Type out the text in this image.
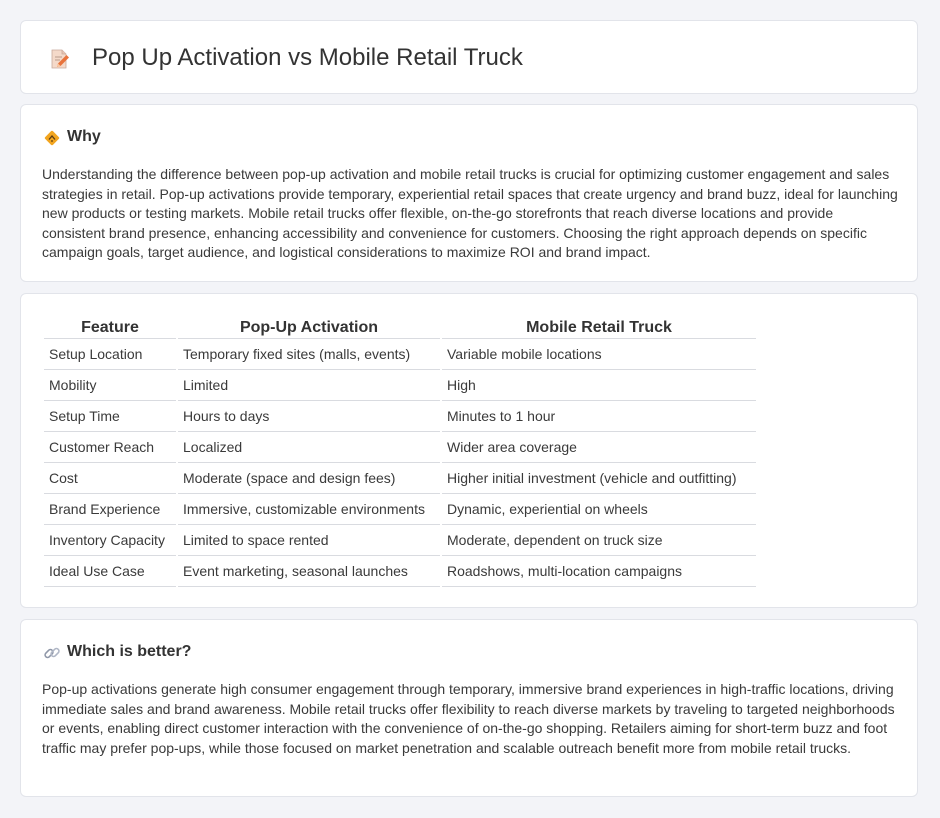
Pop Up Activation vs Mobile Retail Truck
Why

Understanding the difference between pop-up activation and mobile retail trucks is crucial for optimizing customer engagement and sales strategies in retail. Pop-up activations provide temporary, experiential retail spaces that create urgency and brand buzz, ideal for launching new products or testing markets. Mobile retail trucks offer flexible, on-the-go storefronts that reach diverse locations and provide consistent brand presence, enhancing accessibility and convenience for customers. Choosing the right approach depends on specific campaign goals, target audience, and logistical considerations to maximize ROI and brand impact.

Feature	Pop-Up Activation	Mobile Retail Truck
Setup Location	Temporary fixed sites (malls, events)	Variable mobile locations
Mobility	Limited	High
Setup Time	Hours to days	Minutes to 1 hour
Customer Reach	Localized	Wider area coverage
Cost	Moderate (space and design fees)	Higher initial investment (vehicle and outfitting)
Brand Experience	Immersive, customizable environments	Dynamic, experiential on wheels
Inventory Capacity	Limited to space rented	Moderate, dependent on truck size
Ideal Use Case	Event marketing, seasonal launches	Roadshows, multi-location campaigns
Which is better?

Pop-up activations generate high consumer engagement through temporary, immersive brand experiences in high-traffic locations, driving immediate sales and brand awareness. Mobile retail trucks offer flexibility to reach diverse markets by traveling to targeted neighborhoods or events, enabling direct customer interaction with the convenience of on-the-go shopping. Retailers aiming for short-term buzz and foot traffic may prefer pop-ups, while those focused on market penetration and scalable outreach benefit more from mobile retail trucks.
